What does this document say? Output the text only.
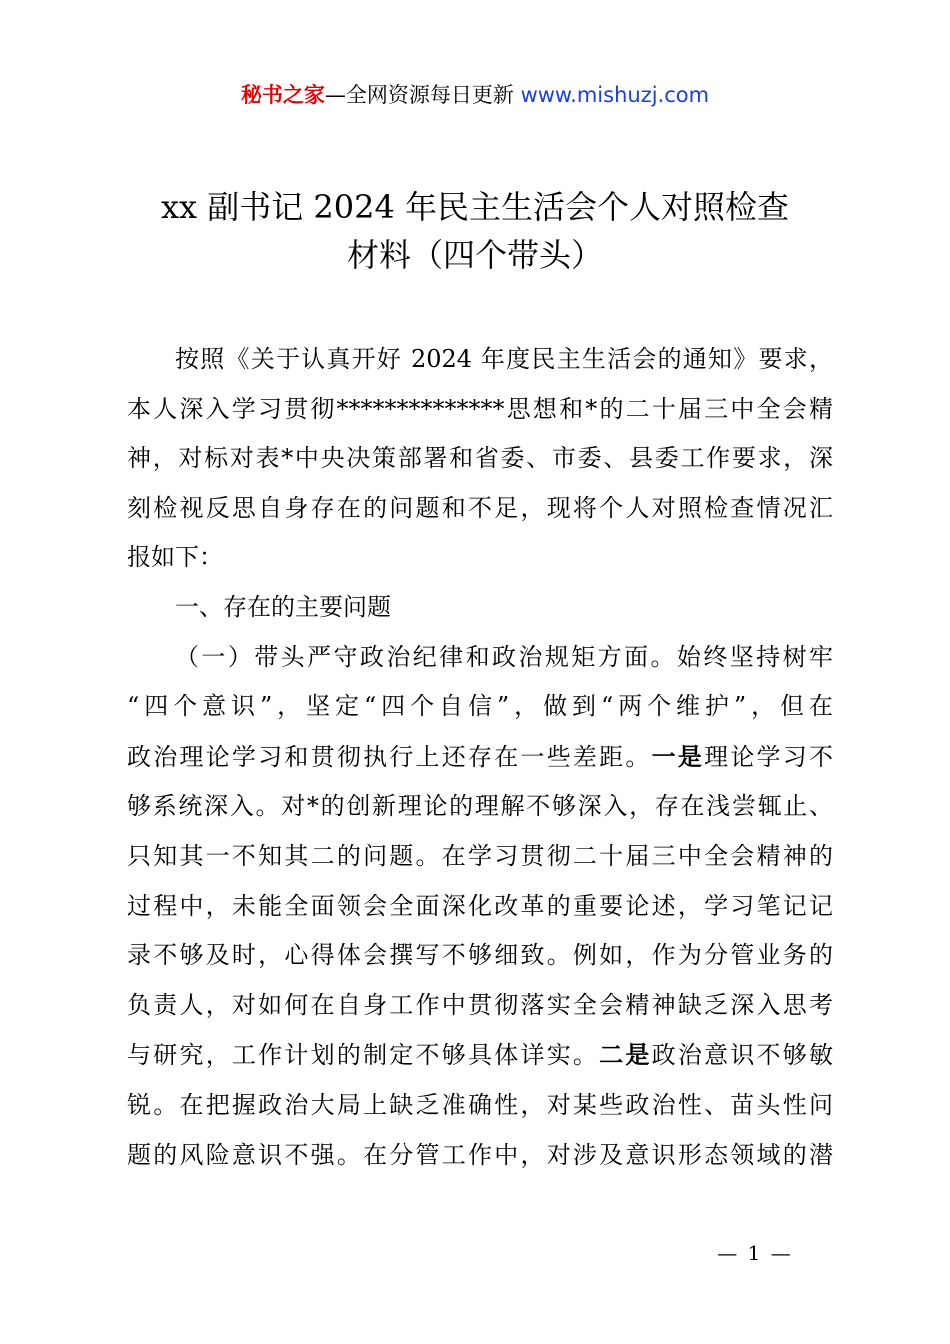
秘书之家—全网资源每日更新 www.mishuzj.com
xx 副书记 2024 年民主生活会个人对照检查
材料（四个带头）

按照《关于认真开好 2024 年度民主生活会的通知》要求，
本人深入学习贯彻**************思想和*的二十届三中全会精
神，对标对表*中央决策部署和省委、市委、县委工作要求，深
刻检视反思自身存在的问题和不足，现将个人对照检查情况汇
报如下：

一、存在的主要问题

（一）带头严守政治纪律和政治规矩方面。始终坚持树牢
“四个意识”，坚定“四个自信”，做到“两个维护”，但在
政治理论学习和贯彻执行上还存在一些差距。一是理论学习不
够系统深入。对*的创新理论的理解不够深入，存在浅尝辄止、
只知其一不知其二的问题。在学习贯彻二十届三中全会精神的
过程中，未能全面领会全面深化改革的重要论述，学习笔记记
录不够及时，心得体会撰写不够细致。例如，作为分管业务的
负责人，对如何在自身工作中贯彻落实全会精神缺乏深入思考
与研究，工作计划的制定不够具体详实。二是政治意识不够敏
锐。在把握政治大局上缺乏准确性，对某些政治性、苗头性问
题的风险意识不强。在分管工作中，对涉及意识形态领域的潜

— 1 —
